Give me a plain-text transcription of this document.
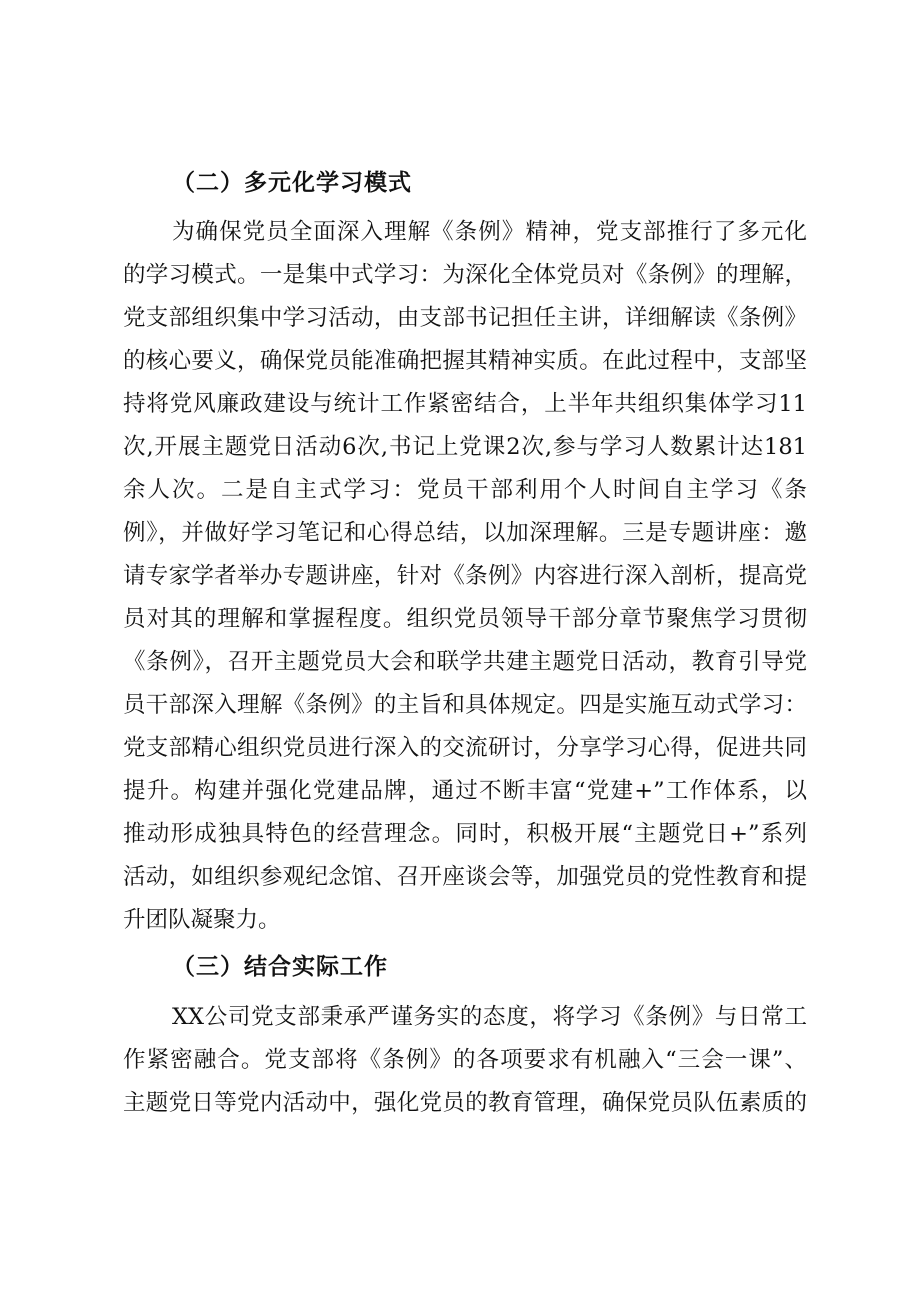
（二）多元化学习模式

为确保党员全面深入理解《条例》精神，党支部推行了多元化

的学习模式。一是集中式学习：为深化全体党员对《条例》的理解，

党支部组织集中学习活动，由支部书记担任主讲，详细解读《条例》

的核心要义，确保党员能准确把握其精神实质。在此过程中，支部坚

持将党风廉政建设与统计工作紧密结合，上半年共组织集体学习11

次,开展主题党日活动6次,书记上党课2次,参与学习人数累计达181

余人次。二是自主式学习：党员干部利用个人时间自主学习《条

例》，并做好学习笔记和心得总结，以加深理解。三是专题讲座：邀

请专家学者举办专题讲座，针对《条例》内容进行深入剖析，提高党

员对其的理解和掌握程度。组织党员领导干部分章节聚焦学习贯彻

《条例》，召开主题党员大会和联学共建主题党日活动，教育引导党

员干部深入理解《条例》的主旨和具体规定。四是实施互动式学习：

党支部精心组织党员进行深入的交流研讨，分享学习心得，促进共同

提升。构建并强化党建品牌，通过不断丰富“党建+”工作体系，以

推动形成独具特色的经营理念。同时，积极开展“主题党日+”系列

活动，如组织参观纪念馆、召开座谈会等，加强党员的党性教育和提

升团队凝聚力。

（三）结合实际工作

XX公司党支部秉承严谨务实的态度，将学习《条例》与日常工

作紧密融合。党支部将《条例》的各项要求有机融入“三会一课”、

主题党日等党内活动中，强化党员的教育管理，确保党员队伍素质的
